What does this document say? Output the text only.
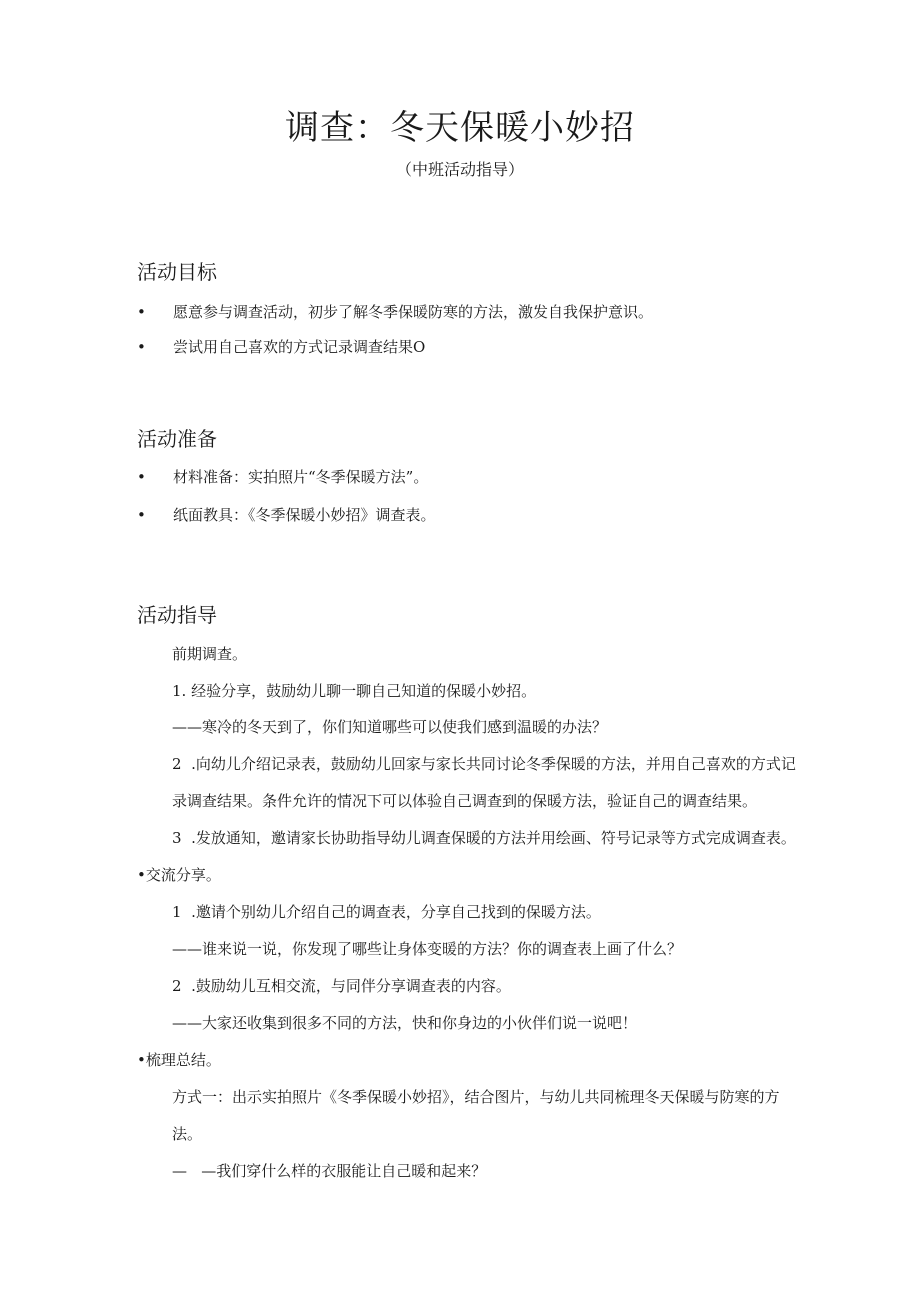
调查：冬天保暖小妙招
（中班活动指导）
活动目标
• 愿意参与调查活动，初步了解冬季保暖防寒的方法，激发自我保护意识。
• 尝试用自己喜欢的方式记录调查结果O
活动准备
• 材料准备：实拍照片“冬季保暖方法”。
• 纸面教具：《冬季保暖小妙招》调查表。
活动指导
前期调查。
1. 经验分享，鼓励幼儿聊一聊自己知道的保暖小妙招。
——寒冷的冬天到了，你们知道哪些可以使我们感到温暖的办法？
2  .向幼儿介绍记录表，鼓励幼儿回家与家长共同讨论冬季保暖的方法，并用自己喜欢的方式记
录调查结果。条件允许的情况下可以体验自己调查到的保暖方法，验证自己的调查结果。
3  .发放通知，邀请家长协助指导幼儿调查保暖的方法并用绘画、符号记录等方式完成调查表。
•交流分享。
1  .邀请个别幼儿介绍自己的调查表，分享自己找到的保暖方法。
——谁来说一说，你发现了哪些让身体变暖的方法？你的调查表上画了什么？
2  .鼓励幼儿互相交流，与同伴分享调查表的内容。
——大家还收集到很多不同的方法，快和你身边的小伙伴们说一说吧！
•梳理总结。
方式一：出示实拍照片《冬季保暖小妙招》，结合图片，与幼儿共同梳理冬天保暖与防寒的方
法。
—   —我们穿什么样的衣服能让自己暖和起来？
